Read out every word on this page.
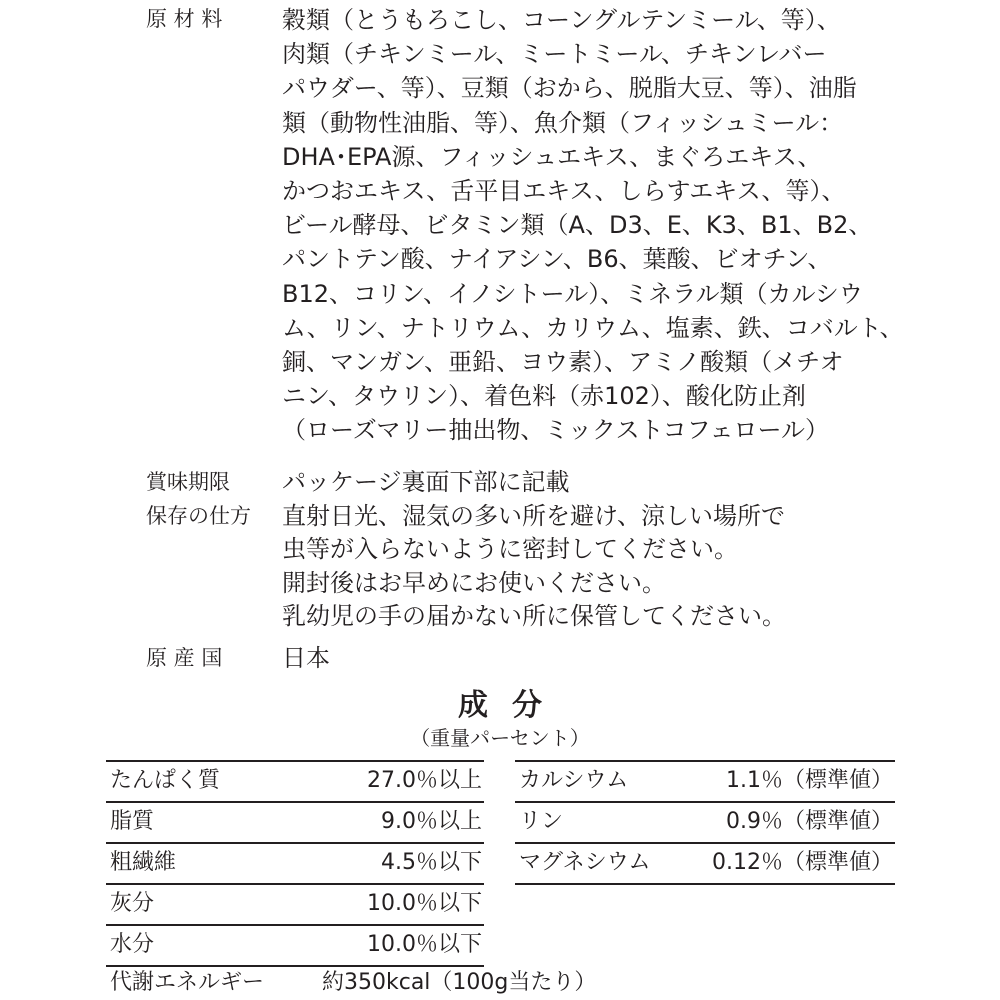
原 材 料 穀類（とうもろこし、コーングルテンミール、等）、
肉類（チキンミール、ミートミール、チキンレバー
パウダー、等）、豆類（おから、脱脂大豆、等）、油脂
類（動物性油脂、等）、魚介類（フィッシュミール：
DHA･EPA源、フィッシュエキス、まぐろエキス、
かつおエキス、舌平目エキス、しらすエキス、等）、
ビール酵母、ビタミン類（A、D3、E、K3、B1、B2、
パントテン酸、ナイアシン、B6、葉酸、ビオチン、
B12、コリン、イノシトール）、ミネラル類（カルシウ
ム、リン、ナトリウム、カリウム、塩素、鉄、コバルト、
銅、マンガン、亜鉛、ヨウ素）、アミノ酸類（メチオ
ニン、タウリン）、着色料（赤102）、酸化防止剤
（ローズマリー抽出物、ミックストコフェロール）
賞味期限 パッケージ裏面下部に記載
保存の仕方 直射日光、湿気の多い所を避け、涼しい場所で
虫等が入らないように密封してください。
開封後はお早めにお使いください。
乳幼児の手の届かない所に保管してください。
原 産 国 日本
成分
（重量パーセント）
たんぱく質	27.0％以上
脂質	9.0％以上
粗繊維	4.5％以下
灰分	10.0％以下
水分	10.0％以下
カルシウム	1.1％（標準値）
リン	0.9％（標準値）
マグネシウム	0.12％（標準値）
代謝エネルギー	約350kcal（100g当たり）
